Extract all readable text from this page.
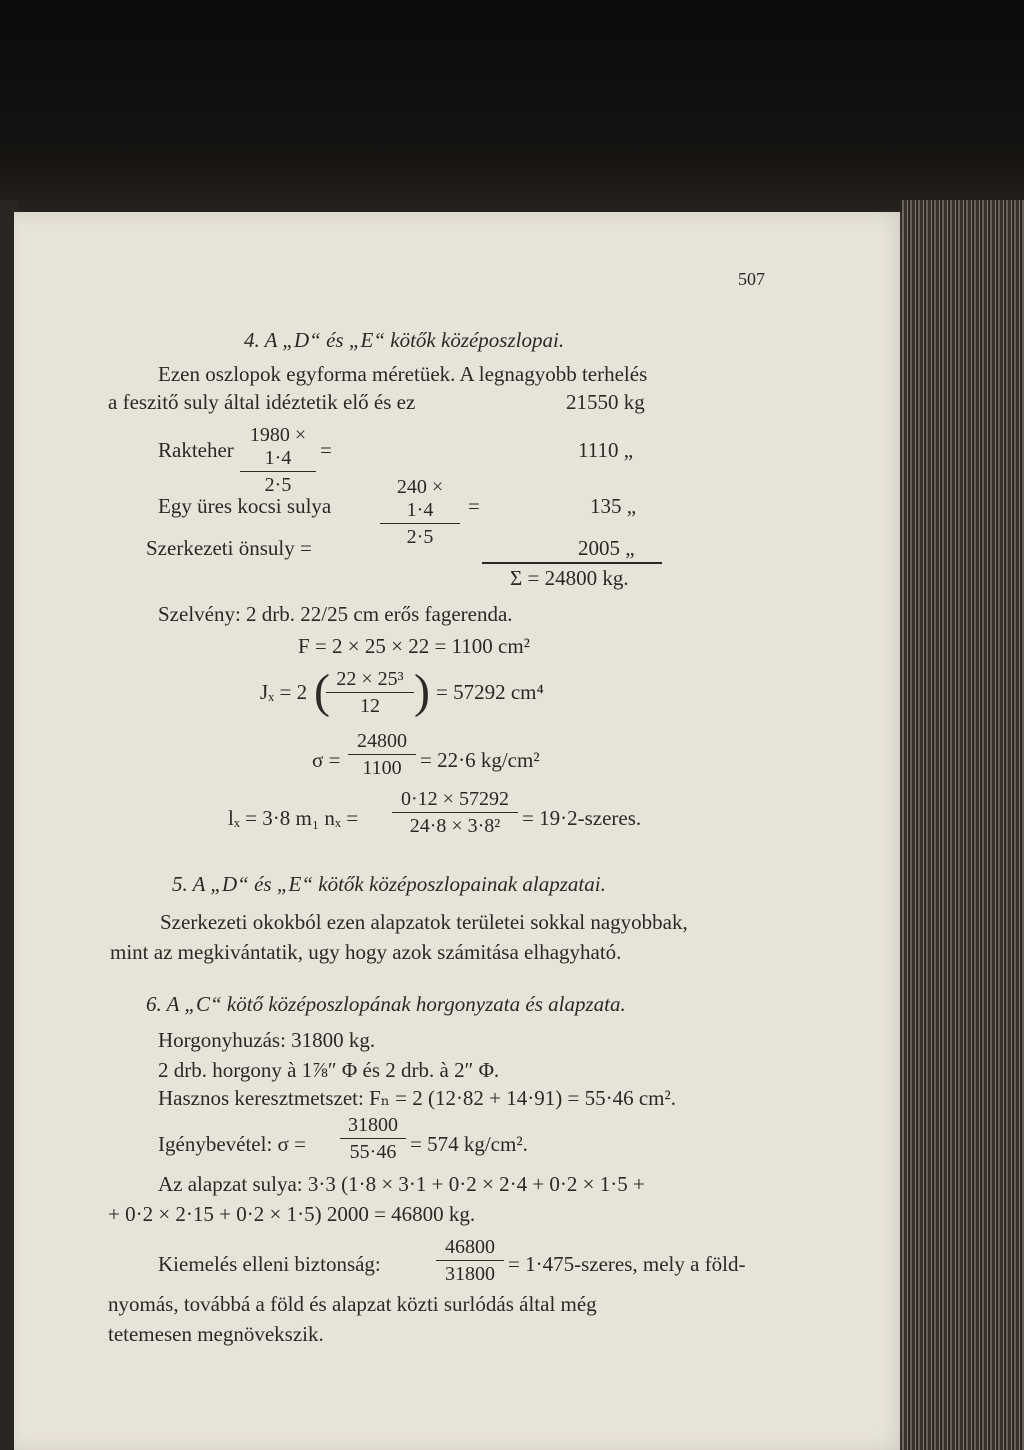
507
4. A „D“ és „E“ kötők középoszlopai.
Ezen oszlopok egyforma méretüek. A legnagyobb terhelés
a feszitő suly által idéztetik elő és ez	21550 kg
Rakteher $\frac{1980 \times 1\cdot 4}{2\cdot 5}$ =	1110 „
Egy üres kocsi sulya $\frac{240 \times 1\cdot 4}{2\cdot 5}$ =	135 „
Szerkezeti önsuly =	2005 „
Σ = 24800 kg.
Szelvény: 2 drb. 22/25 cm erős fagerenda.
F = 2 × 25 × 22 = 1100 cm²
Jₓ = 2 (
$\frac{\text{22 × 25³}}{12}$ ) = 57292 cm⁴
$\sigma = \frac{24800}{1100} = 22\cdot 6$ kg/cm²
lₓ = 3·8 m₁ $n_x = \frac{0\cdot 12 \times 57292}{\text{24·8 × 3·8²}}$ = 19·2-szeres.
5. A „D“ és „E“ kötők középoszlopainak alapzatai.
Szerkezeti okokból ezen alapzatok területei sokkal nagyobbak,
mint az megkivántatik, ugy hogy azok számitása elhagyható.
6. A „C“ kötő középoszlopának horgonyzata és alapzata.
Horgonyhuzás: 31800 kg.
2 drb. horgony à 1⅞″ Φ és 2 drb. à 2″ Φ.
Hasznos keresztmetszet: Fₙ = 2 (12·82 + 14·91) = 55·46 cm².
Igénybevétel: $\sigma = \frac{31800}{55\cdot 46} = 574$ kg/cm².
Az alapzat sulya: 3·3 (1·8 × 3·1 + 0·2 × 2·4 + 0·2 × 1·5 +
+ 0·2 × 2·15 + 0·2 × 1·5) 2000 = 46800 kg.
Kiemelés elleni biztonság:	$\frac{46800}{31800}$ = 1·475-szeres, mely a föld-
nyomás, továbbá a föld és alapzat közti surlódás által még
tetemesen megnövekszik.
